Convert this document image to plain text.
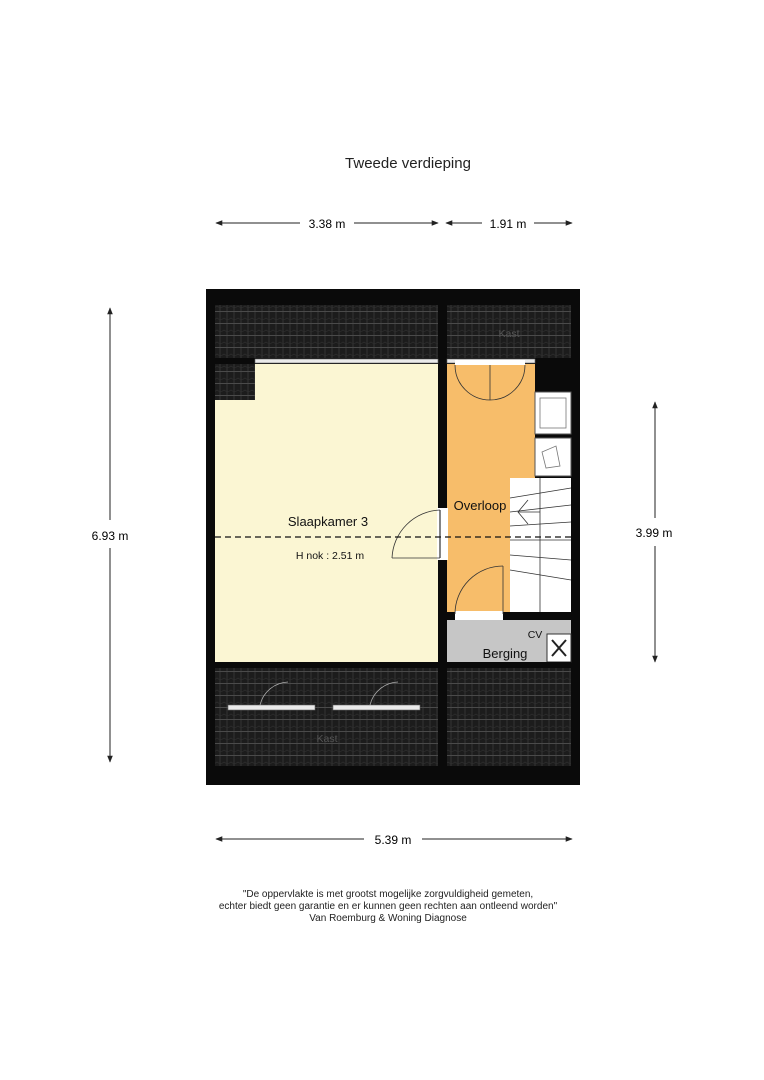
Tweede verdieping
3.38 m	1.91 m
6.93 m	3.99 m
5.39 m
Slaapkamer 3
H nok : 2.51 m
Overloop
Berging
CV
Kast
Kast
"De oppervlakte is met grootst mogelijke zorgvuldigheid gemeten,
echter biedt geen garantie en er kunnen geen rechten aan ontleend worden"
Van Roemburg & Woning Diagnose
